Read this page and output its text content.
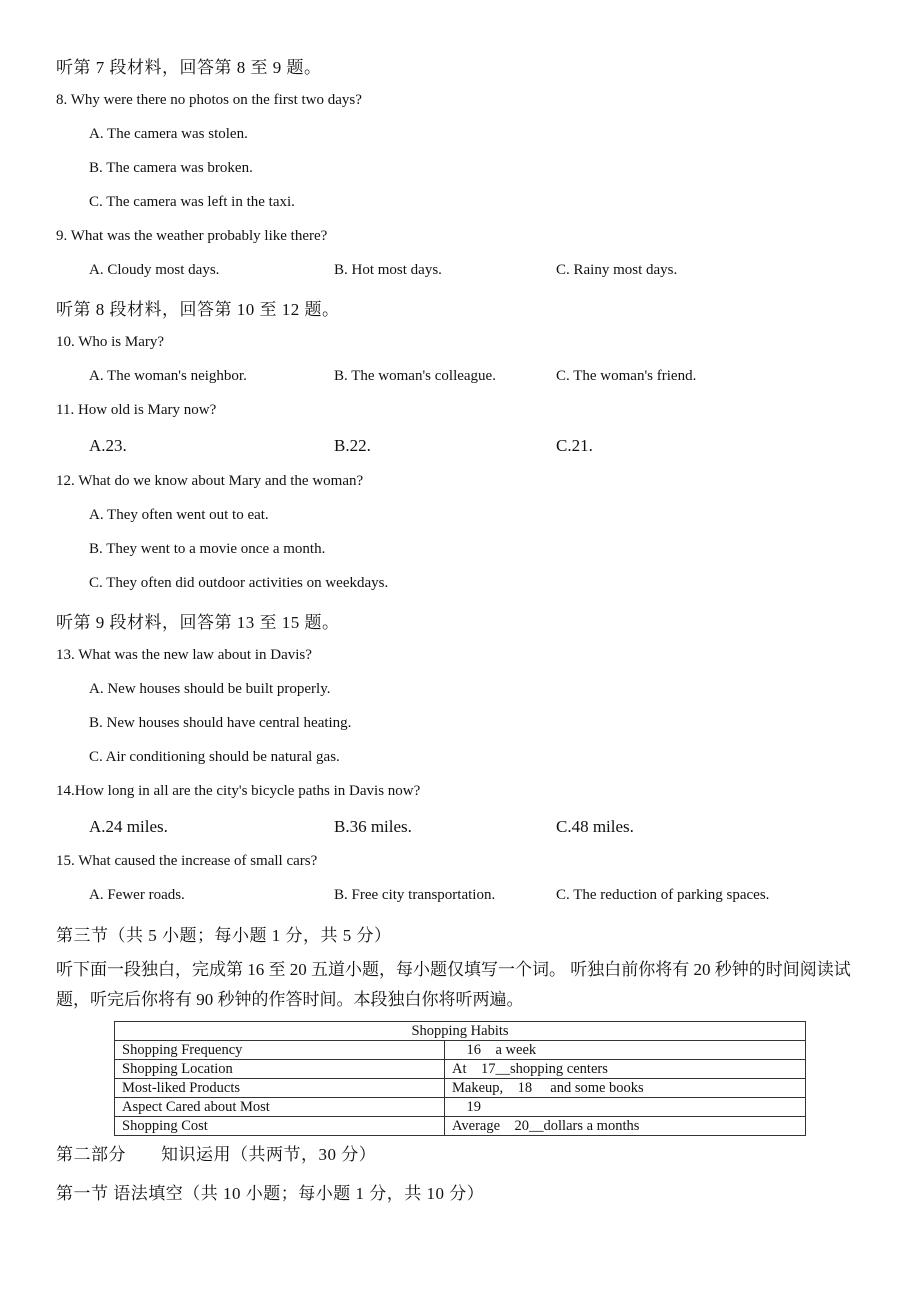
听第 7 段材料，回答第 8 至 9 题。
8. Why were there no photos on the first two days?
A. The camera was stolen.
B. The camera was broken.
C. The camera was left in the taxi.
9. What was the weather probably like there?
A. Cloudy most days.	B. Hot most days.	C. Rainy most days.
听第 8 段材料，回答第 10 至 12 题。
10. Who is Mary?
A. The woman's neighbor.	B. The woman's colleague.	C. The woman's friend.
11. How old is Mary now?
A.23.	B.22.	C.21.
12. What do we know about Mary and the woman?
A. They often went out to eat.
B. They went to a movie once a month.
C. They often did outdoor activities on weekdays.
听第 9 段材料，回答第 13 至 15 题。
13. What was the new law about in Davis?
A. New houses should be built properly.
B. New houses should have central heating.
C. Air conditioning should be natural gas.
14.How long in all are the city's bicycle paths in Davis now?
A.24 miles.	B.36 miles.	C.48 miles.
15. What caused the increase of small cars?
A. Fewer roads.	B. Free city transportation.	C. The reduction of parking spaces.
第三节（共 5 小题；每小题 1 分，共 5 分）
听下面一段独白，完成第 16 至 20 五道小题，每小题仅填写一个词。 听独白前你将有 20 秒钟的时间阅读试题，听完后你将有 90 秒钟的作答时间。本段独白你将听两遍。
Shopping Habits	
Shopping Frequency	16    a week
Shopping Location	At    17__shopping centers
Most-liked Products	Makeup,    18     and some books
Aspect Cared about Most	19
Shopping Cost	Average    20__dollars a months
第二部分　　知识运用（共两节，30 分）
第一节 语法填空（共 10 小题；每小题 1 分，共 10 分）
